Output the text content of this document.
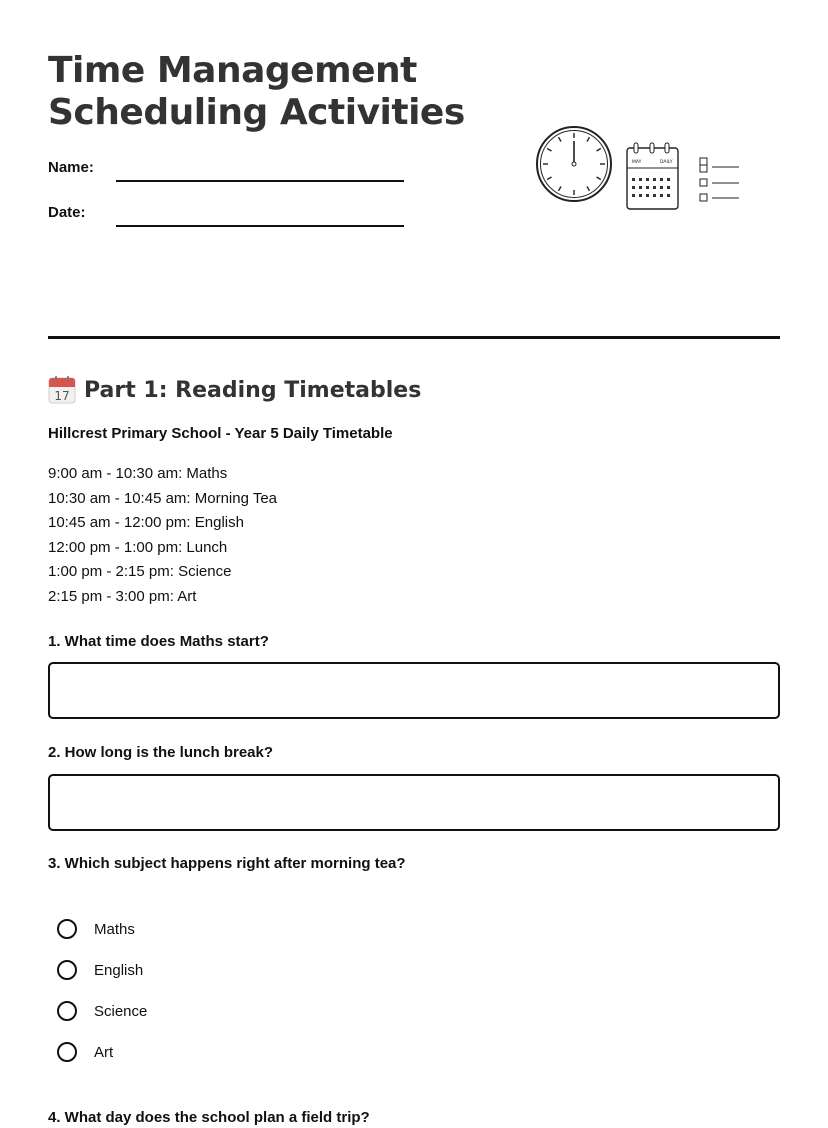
Time Management
Scheduling Activities
Name:
Date:
MAY	DAILY
17 Part 1: Reading Timetables
Hillcrest Primary School - Year 5 Daily Timetable
9:00 am - 10:30 am: Maths
10:30 am - 10:45 am: Morning Tea
10:45 am - 12:00 pm: English
12:00 pm - 1:00 pm: Lunch
1:00 pm - 2:15 pm: Science
2:15 pm - 3:00 pm: Art
1. What time does Maths start?
2. How long is the lunch break?
3. Which subject happens right after morning tea?
Maths
English
Science
Art
4. What day does the school plan a field trip?
